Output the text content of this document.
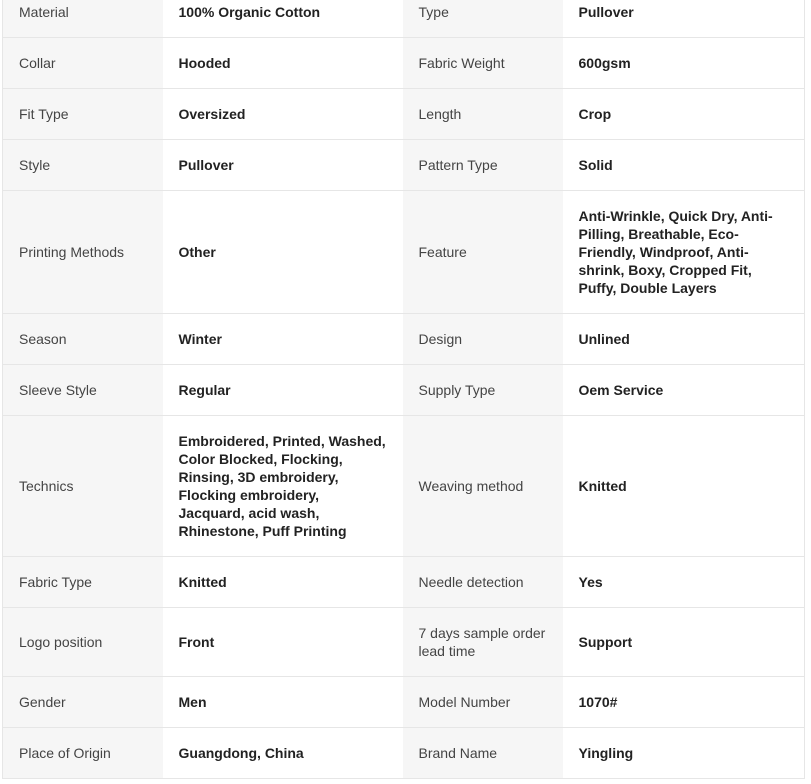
Material	100% Organic Cotton	Type	Pullover
Collar	Hooded	Fabric Weight	600gsm
Fit Type	Oversized	Length	Crop
Style	Pullover	Pattern Type	Solid
Printing Methods	Other	Feature	Anti-Wrinkle, Quick Dry, Anti-Pilling, Breathable, Eco-Friendly, Windproof, Anti-shrink, Boxy, Cropped Fit, Puffy, Double Layers
Season	Winter	Design	Unlined
Sleeve Style	Regular	Supply Type	Oem Service
Technics	Embroidered, Printed, Washed, Color Blocked, Flocking, Rinsing, 3D embroidery, Flocking embroidery, Jacquard, acid wash, Rhinestone, Puff Printing	Weaving method	Knitted
Fabric Type	Knitted	Needle detection	Yes
Logo position	Front	7 days sample order lead time	Support
Gender	Men	Model Number	1070#
Place of Origin	Guangdong, China	Brand Name	Yingling
